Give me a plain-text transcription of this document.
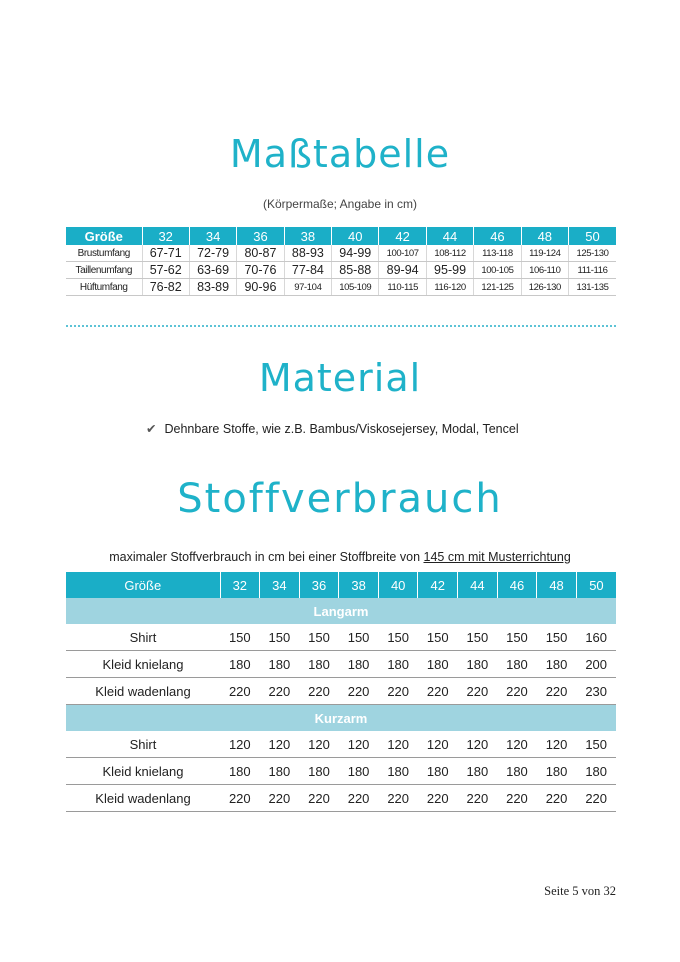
Maßtabelle
(Körpermaße; Angabe in cm)
Größe	32	34	36	38	40	42	44	46	48	50
Brustumfang	67-71	72-79	80-87	88-93	94-99	100-107	108-112	113-118	119-124	125-130
Taillenumfang	57-62	63-69	70-76	77-84	85-88	89-94	95-99	100-105	106-110	111-116
Hüftumfang	76-82	83-89	90-96	97-104	105-109	110-115	116-120	121-125	126-130	131-135
Material
✔ Dehnbare Stoffe, wie z.B. Bambus/Viskosejersey, Modal, Tencel
Stoffverbrauch
maximaler Stoffverbrauch in cm bei einer Stoffbreite von 145 cm mit Musterrichtung
Größe	32	34	36	38	40	42	44	46	48	50
Langarm										
Shirt	150	150	150	150	150	150	150	150	150	160
Kleid knielang	180	180	180	180	180	180	180	180	180	200
Kleid wadenlang	220	220	220	220	220	220	220	220	220	230
Kurzarm										
Shirt	120	120	120	120	120	120	120	120	120	150
Kleid knielang	180	180	180	180	180	180	180	180	180	180
Kleid wadenlang	220	220	220	220	220	220	220	220	220	220
Seite 5 von 32
